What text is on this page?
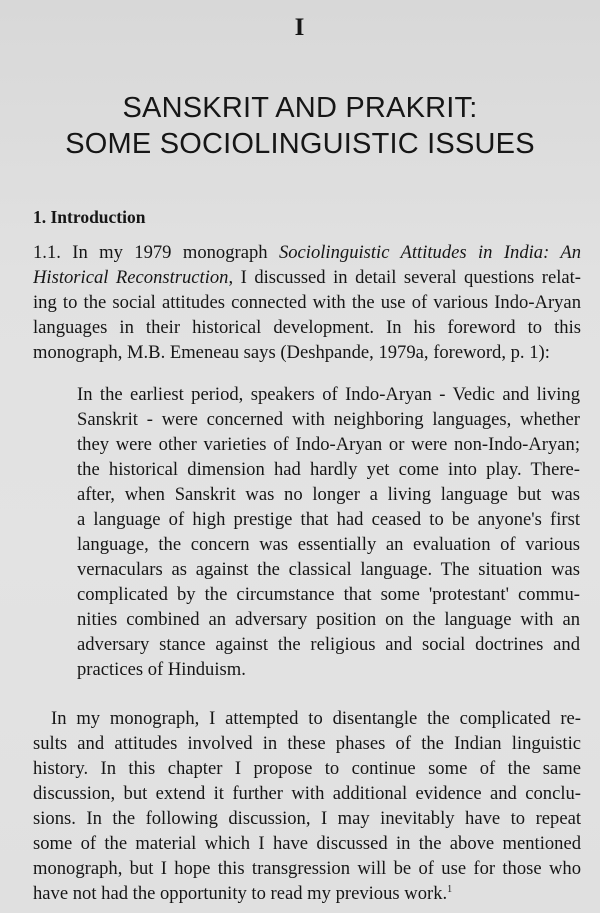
I
SANSKRIT AND PRAKRIT:
SOME SOCIOLINGUISTIC ISSUES
1. Introduction
1.1. In my 1979 monograph Sociolinguistic Attitudes in India: An
Historical Reconstruction, I discussed in detail several questions relat-
ing to the social attitudes connected with the use of various Indo-Aryan
languages in their historical development. In his foreword to this
monograph, M.B. Emeneau says (Deshpande, 1979a, foreword, p. 1):
In the earliest period, speakers of Indo-Aryan - Vedic and living
Sanskrit - were concerned with neighboring languages, whether
they were other varieties of Indo-Aryan or were non-Indo-Aryan;
the historical dimension had hardly yet come into play. There-
after, when Sanskrit was no longer a living language but was
a language of high prestige that had ceased to be anyone's first
language, the concern was essentially an evaluation of various
vernaculars as against the classical language. The situation was
complicated by the circumstance that some 'protestant' commu-
nities combined an adversary position on the language with an
adversary stance against the religious and social doctrines and
practices of Hinduism.
In my monograph, I attempted to disentangle the complicated re-
sults and attitudes involved in these phases of the Indian linguistic
history. In this chapter I propose to continue some of the same
discussion, but extend it further with additional evidence and conclu-
sions. In the following discussion, I may inevitably have to repeat
some of the material which I have discussed in the above mentioned
monograph, but I hope this transgression will be of use for those who
have not had the opportunity to read my previous work.$^1$
